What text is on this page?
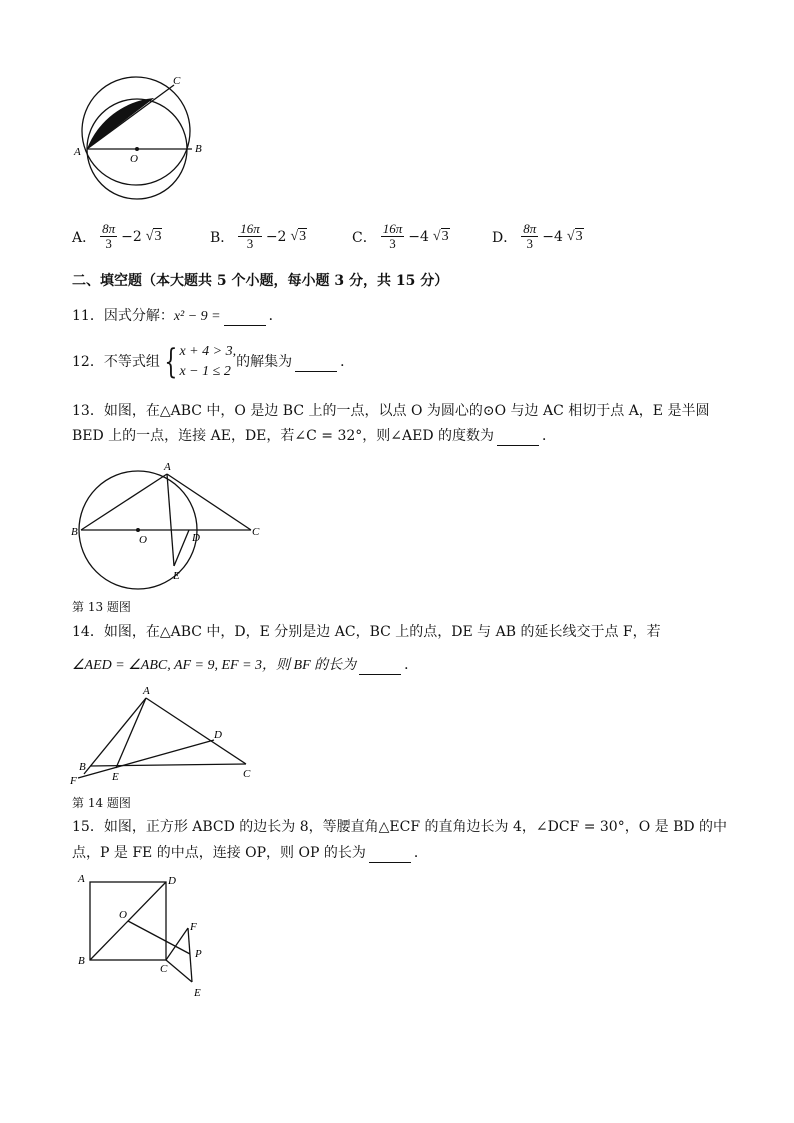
A	B
C
O
A． $\frac{8\pi}{3} -2$ √3	B． $\frac{16\pi}{3} -2$ √3	C． $\frac{16\pi}{3} -4$ √3	D． $\frac{8\pi}{3} -4$ √3
二、填空题（本大题共 5 个小题，每小题 3 分，共 15 分）
11．因式分解：x² − 9 =	．
12．不等式组 { x + 4 > 3,
x − 1 ≤ 2
的解集为
	．
13．如图，在△ABC 中，O 是边 BC 上的一点，以点 O 为圆心的⊙O 与边 AC 相切于点 A，E 是半圆
BED 上的一点，连接 AE，DE，若∠C = 32°，则∠AED 的度数为	．
A
B	C
O	D
E
第 13 题图
14．如图，在△ABC 中，D，E 分别是边 AC，BC 上的点，DE 与 AB 的延长线交于点 F，若
∠AED = ∠ABC, AF = 9, EF = 3，则 BF 的长为	．
A
B
C
D
E
F
第 14 题图
15．如图，正方形 ABCD 的边长为 8，等腰直角△ECF 的直角边长为 4，∠DCF = 30°，O 是 BD 的中
点，P 是 FE 的中点，连接 OP，则 OP 的长为	．
A	D
B
C
O
F
P
E
